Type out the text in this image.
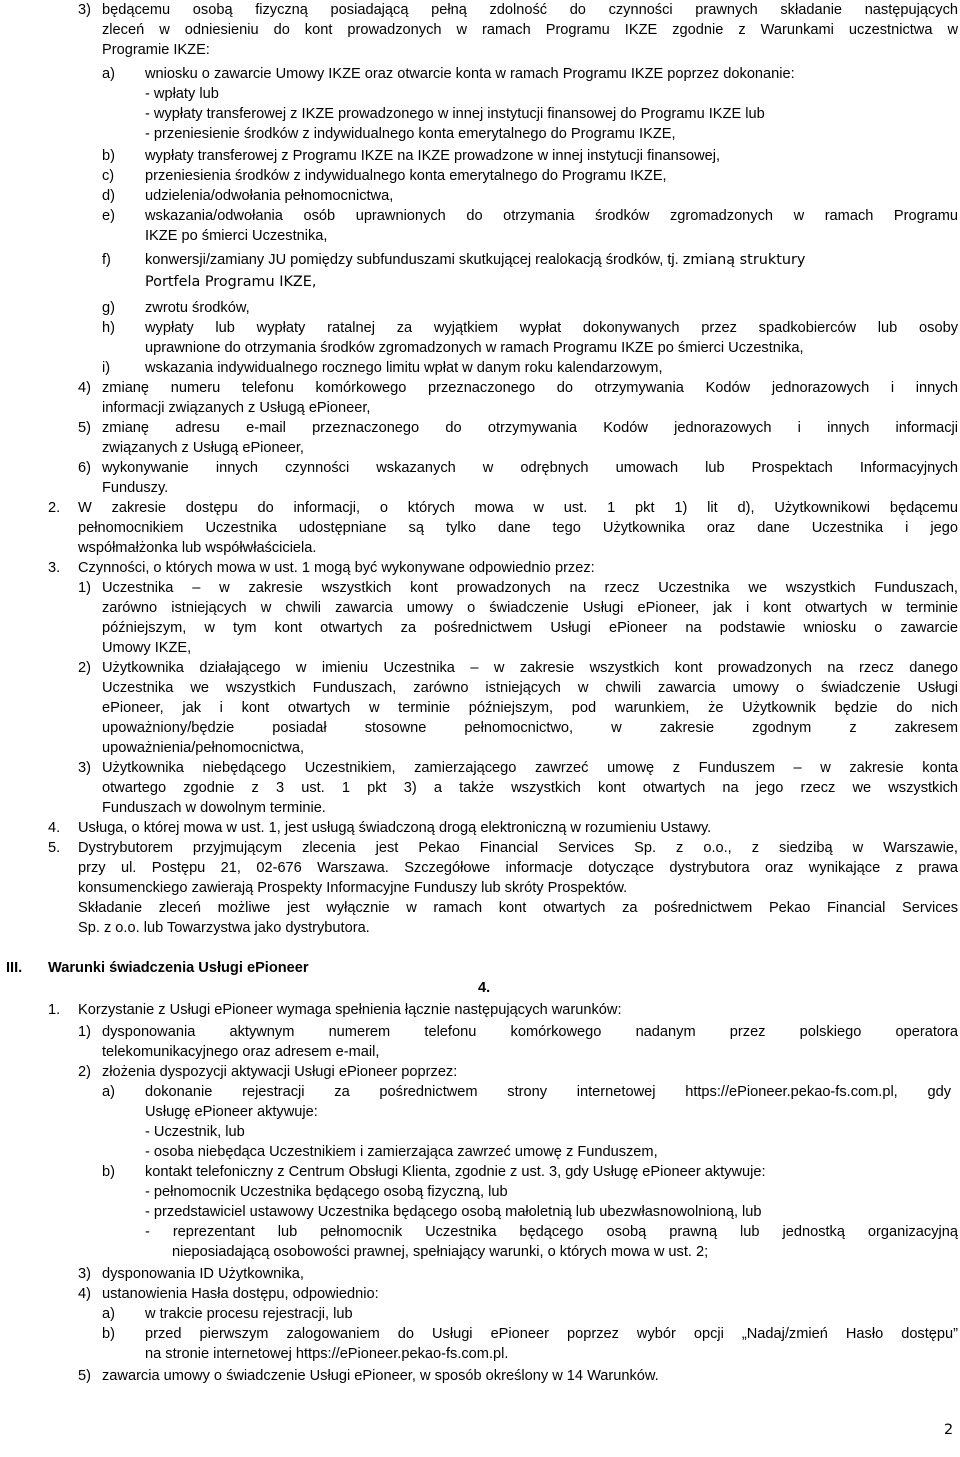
3) będącemu osobą fizyczną posiadającą pełną zdolność do czynności prawnych składanie następujących
zleceń w odniesieniu do kont prowadzonych w ramach Programu IKZE zgodnie z Warunkami uczestnictwa w
Programie IKZE:
a) wniosku o zawarcie Umowy IKZE oraz otwarcie konta w ramach Programu IKZE poprzez dokonanie:
- wpłaty lub
- wypłaty transferowej z IKZE prowadzonego w innej instytucji finansowej do Programu IKZE lub
- przeniesienie środków z indywidualnego konta emerytalnego do Programu IKZE,
b) wypłaty transferowej z Programu IKZE na IKZE prowadzone w innej instytucji finansowej,
c) przeniesienia środków z indywidualnego konta emerytalnego do Programu IKZE,
d) udzielenia/odwołania pełnomocnictwa,
e) wskazania/odwołania osób uprawnionych do otrzymania środków zgromadzonych w ramach Programu
IKZE po śmierci Uczestnika,
f) konwersji/zamiany JU pomiędzy subfunduszami skutkującej realokacją środków, tj. zmianą struktury
Portfela Programu IKZE,
g) zwrotu środków,
h) wypłaty lub wypłaty ratalnej za wyjątkiem wypłat dokonywanych przez spadkobierców lub osoby
uprawnione do otrzymania środków zgromadzonych w ramach Programu IKZE po śmierci Uczestnika,
i) wskazania indywidualnego rocznego limitu wpłat w danym roku kalendarzowym,
4) zmianę numeru telefonu komórkowego przeznaczonego do otrzymywania Kodów jednorazowych i innych
informacji związanych z Usługą ePioneer,
5) zmianę adresu e-mail przeznaczonego do otrzymywania Kodów jednorazowych i innych informacji
związanych z Usługą ePioneer,
6) wykonywanie innych czynności wskazanych w odrębnych umowach lub Prospektach Informacyjnych
Funduszy.
2. W zakresie dostępu do informacji, o których mowa w ust. 1 pkt 1) lit d), Użytkownikowi będącemu
pełnomocnikiem Uczestnika udostępniane są tylko dane tego Użytkownika oraz dane Uczestnika i jego
współmałżonka lub współwłaściciela.
3. Czynności, o których mowa w ust. 1 mogą być wykonywane odpowiednio przez:
1) Uczestnika – w zakresie wszystkich kont prowadzonych na rzecz Uczestnika we wszystkich Funduszach,
zarówno istniejących w chwili zawarcia umowy o świadczenie Usługi ePioneer, jak i kont otwartych w terminie
późniejszym, w tym kont otwartych za pośrednictwem Usługi ePioneer na podstawie wniosku o zawarcie
Umowy IKZE,
2) Użytkownika działającego w imieniu Uczestnika – w zakresie wszystkich kont prowadzonych na rzecz danego
Uczestnika we wszystkich Funduszach, zarówno istniejących w chwili zawarcia umowy o świadczenie Usługi
ePioneer, jak i kont otwartych w terminie późniejszym, pod warunkiem, że Użytkownik będzie do nich
upoważniony/będzie posiadał stosowne pełnomocnictwo, w zakresie zgodnym z zakresem
upoważnienia/pełnomocnictwa,
3) Użytkownika niebędącego Uczestnikiem, zamierzającego zawrzeć umowę z Funduszem – w zakresie konta
otwartego zgodnie z 3 ust. 1 pkt 3) a także wszystkich kont otwartych na jego rzecz we wszystkich
Funduszach w dowolnym terminie.
4. Usługa, o której mowa w ust. 1, jest usługą świadczoną drogą elektroniczną w rozumieniu Ustawy.
5. Dystrybutorem przyjmującym zlecenia jest Pekao Financial Services Sp. z o.o., z siedzibą w Warszawie,
przy ul. Postępu 21, 02-676 Warszawa. Szczegółowe informacje dotyczące dystrybutora oraz wynikające z prawa
konsumenckiego zawierają Prospekty Informacyjne Funduszy lub skróty Prospektów.
Składanie zleceń możliwe jest wyłącznie w ramach kont otwartych za pośrednictwem Pekao Financial Services
Sp. z o.o. lub Towarzystwa jako dystrybutora.
III. Warunki świadczenia Usługi ePioneer
4.
1. Korzystanie z Usługi ePioneer wymaga spełnienia łącznie następujących warunków:
1) dysponowania aktywnym numerem telefonu komórkowego nadanym przez polskiego operatora
telekomunikacyjnego oraz adresem e-mail,
2) złożenia dyspozycji aktywacji Usługi ePioneer poprzez:
a) dokonanie rejestracji za pośrednictwem strony internetowej https://ePioneer.pekao-fs.com.pl, gdy
Usługę ePioneer aktywuje:
- Uczestnik, lub
- osoba niebędąca Uczestnikiem i zamierzająca zawrzeć umowę z Funduszem,
b) kontakt telefoniczny z Centrum Obsługi Klienta, zgodnie z ust. 3, gdy Usługę ePioneer aktywuje:
- pełnomocnik Uczestnika będącego osobą fizyczną, lub
- przedstawiciel ustawowy Uczestnika będącego osobą małoletnią lub ubezwłasnowolnioną, lub
- reprezentant lub pełnomocnik Uczestnika będącego osobą prawną lub jednostką organizacyjną
nieposiadającą osobowości prawnej, spełniający warunki, o których mowa w ust. 2;
3) dysponowania ID Użytkownika,
4) ustanowienia Hasła dostępu, odpowiednio:
a) w trakcie procesu rejestracji, lub
b) przed pierwszym zalogowaniem do Usługi ePioneer poprzez wybór opcji „Nadaj/zmień Hasło dostępu”
na stronie internetowej https://ePioneer.pekao-fs.com.pl.
5) zawarcia umowy o świadczenie Usługi ePioneer, w sposób określony w 14 Warunków.
2
